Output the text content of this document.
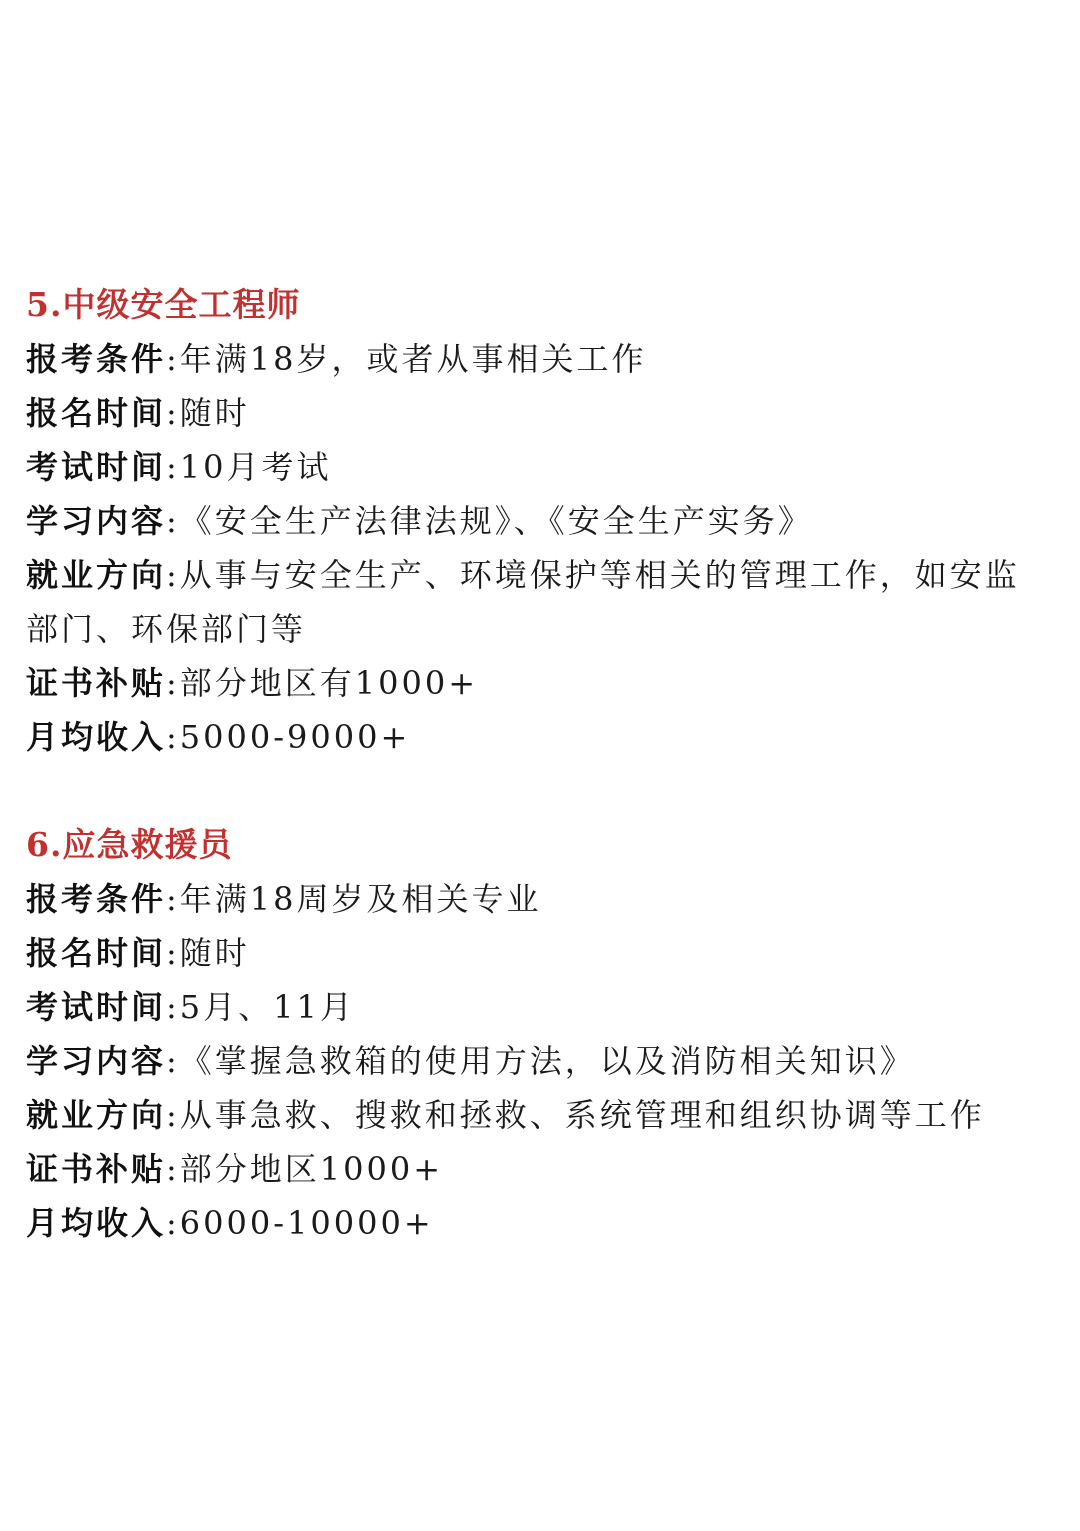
5.中级安全工程师

报考条件:年满18岁，或者从事相关工作

报名时间:随时

考试时间:10月考试

学习内容:《安全生产法律法规》、《安全生产实务》

就业方向:从事与安全生产、环境保护等相关的管理工作，如安监部门、环保部门等

证书补贴:部分地区有1000+

月均收入:5000-9000+

6.应急救援员

报考条件:年满18周岁及相关专业

报名时间:随时

考试时间:5月、11月

学习内容:《掌握急救箱的使用方法，以及消防相关知识》

就业方向:从事急救、搜救和拯救、系统管理和组织协调等工作

证书补贴:部分地区1000+

月均收入:6000-10000+
